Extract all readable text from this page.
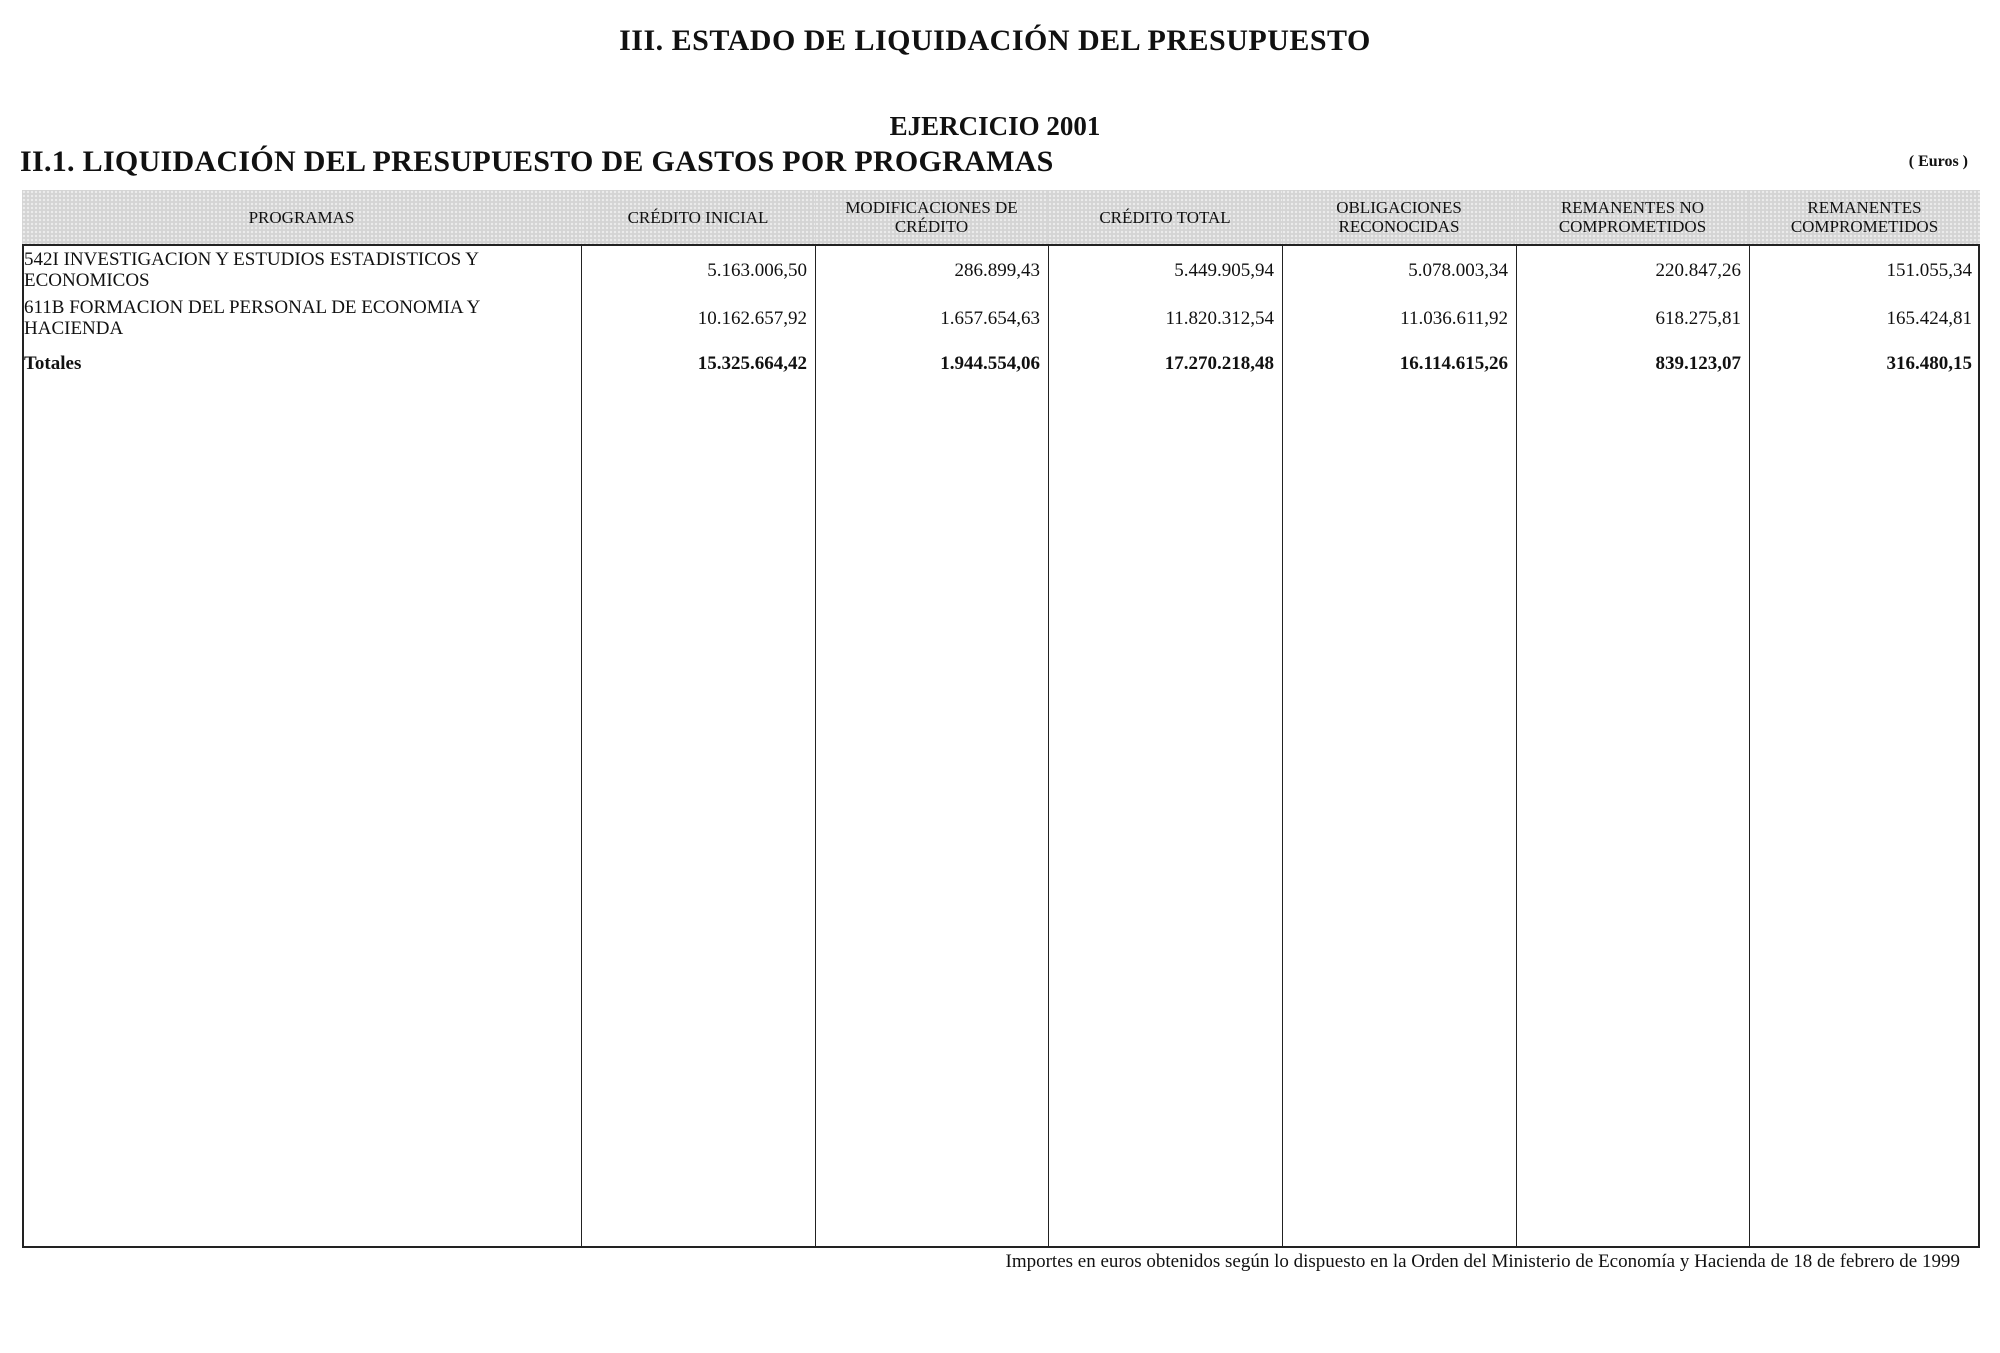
III. ESTADO DE LIQUIDACIÓN DEL PRESUPUESTO
EJERCICIO 2001
II.1. LIQUIDACIÓN DEL PRESUPUESTO DE GASTOS POR PROGRAMAS	( Euros )
PROGRAMAS	CRÉDITO INICIAL	MODIFICACIONES DE CRÉDITO	CRÉDITO TOTAL	OBLIGACIONES RECONOCIDAS	REMANENTES NO COMPROMETIDOS	REMANENTES COMPROMETIDOS
542I INVESTIGACION Y ESTUDIOS ESTADISTICOS Y ECONOMICOS	5.163.006,50	286.899,43	5.449.905,94	5.078.003,34	220.847,26	151.055,34
611B FORMACION DEL PERSONAL DE ECONOMIA Y HACIENDA	10.162.657,92	1.657.654,63	11.820.312,54	11.036.611,92	618.275,81	165.424,81
Totales	15.325.664,42	1.944.554,06	17.270.218,48	16.114.615,26	839.123,07	316.480,15
Importes en euros obtenidos según lo dispuesto en la Orden del Ministerio de Economía y Hacienda de 18 de febrero de 1999
